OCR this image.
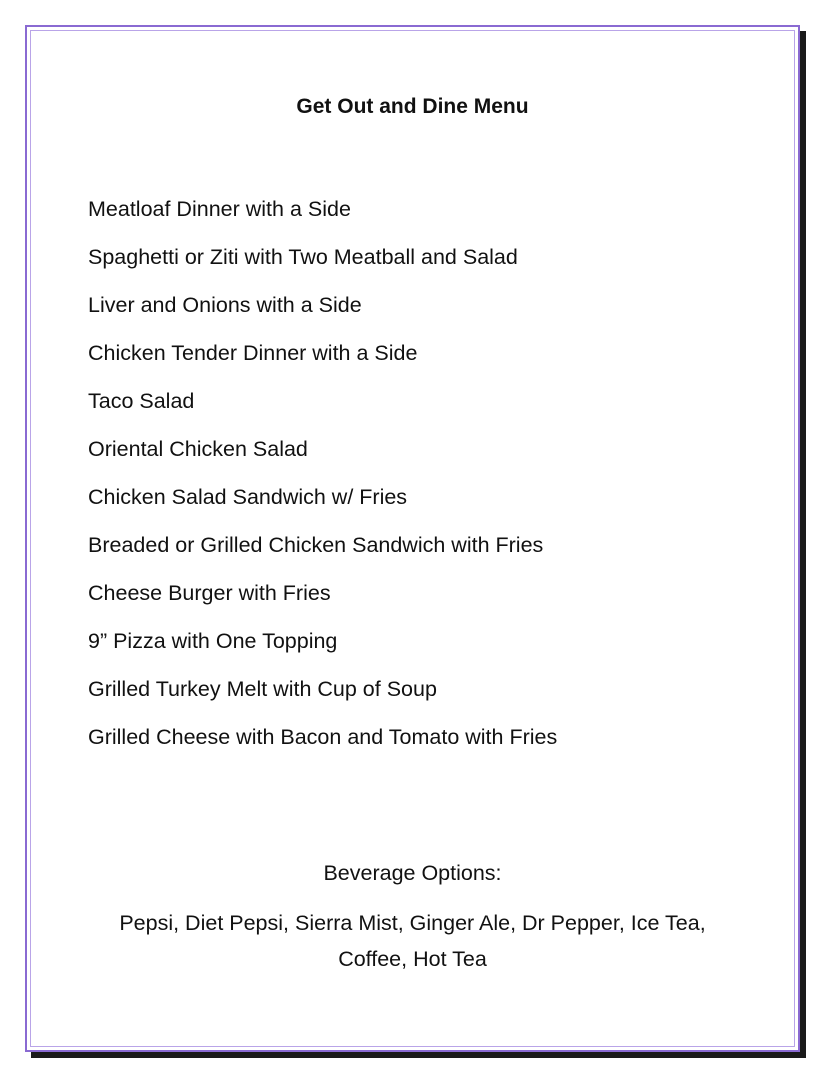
Get Out and Dine Menu
Meatloaf Dinner with a Side
Spaghetti or Ziti with Two Meatball and Salad
Liver and Onions with a Side
Chicken Tender Dinner with a Side
Taco Salad
Oriental Chicken Salad
Chicken Salad Sandwich w/ Fries
Breaded or Grilled Chicken Sandwich with Fries
Cheese Burger with Fries
9” Pizza with One Topping
Grilled Turkey Melt with Cup of Soup
Grilled Cheese with Bacon and Tomato with Fries
Beverage Options:
Pepsi, Diet Pepsi, Sierra Mist, Ginger Ale, Dr Pepper, Ice Tea, Coffee, Hot Tea
